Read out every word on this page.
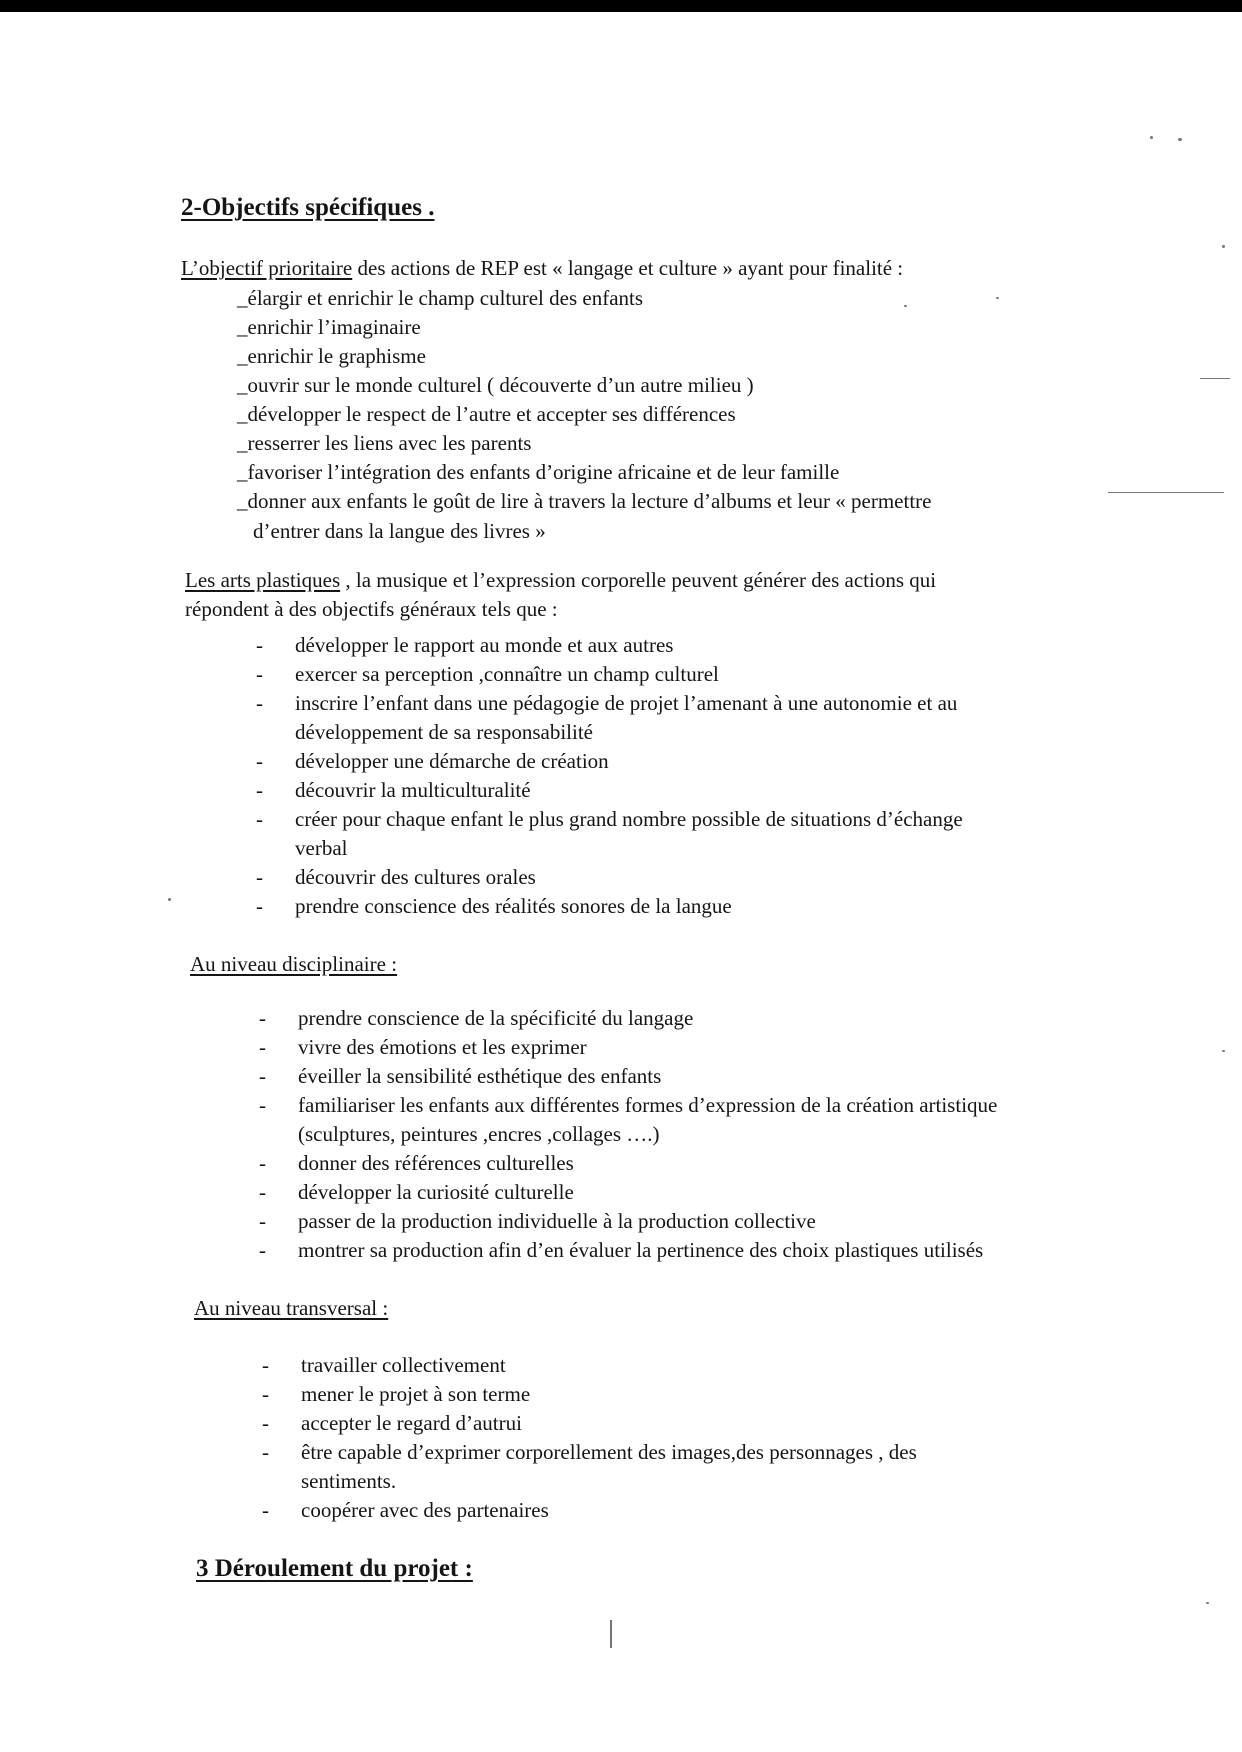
2-Objectifs spécifiques .

L’objectif prioritaire des actions de REP est « langage et culture » ayant pour finalité :

_élargir et enrichir le champ culturel des enfants
_enrichir l’imaginaire
_enrichir le graphisme
_ouvrir sur le monde culturel ( découverte d’un autre milieu )
_développer le respect de l’autre et accepter ses différences
_resserrer les liens avec les parents
_favoriser l’intégration des enfants d’origine africaine et de leur famille
_donner aux enfants le goût de lire à travers la lecture d’albums et leur « permettre

d’entrer dans la langue des livres »

Les arts plastiques , la musique et l’expression corporelle peuvent générer des actions qui
répondent à des objectifs généraux tels que :

- développer le rapport au monde et aux autres
- exercer sa perception ,connaître un champ culturel
- inscrire l’enfant dans une pédagogie de projet l’amenant à une autonomie et au
développement de sa responsabilité
- développer une démarche de création
- découvrir la multiculturalité
- créer pour chaque enfant le plus grand nombre possible de situations d’échange
verbal
- découvrir des cultures orales
- prendre conscience des réalités sonores de la langue
Au niveau disciplinaire :
- prendre conscience de la spécificité du langage
- vivre des émotions et les exprimer
- éveiller la sensibilité esthétique des enfants
- familiariser les enfants aux différentes formes d’expression de la création artistique
(sculptures, peintures ,encres ,collages ….)
- donner des références culturelles
- développer la curiosité culturelle
- passer de la production individuelle à la production collective
- montrer sa production afin d’en évaluer la pertinence des choix plastiques utilisés
Au niveau transversal :
- travailler collectivement
- mener le projet à son terme
- accepter le regard d’autrui
- être capable d’exprimer corporellement des images,des personnages , des
sentiments.
- coopérer avec des partenaires
3 Déroulement du projet :
